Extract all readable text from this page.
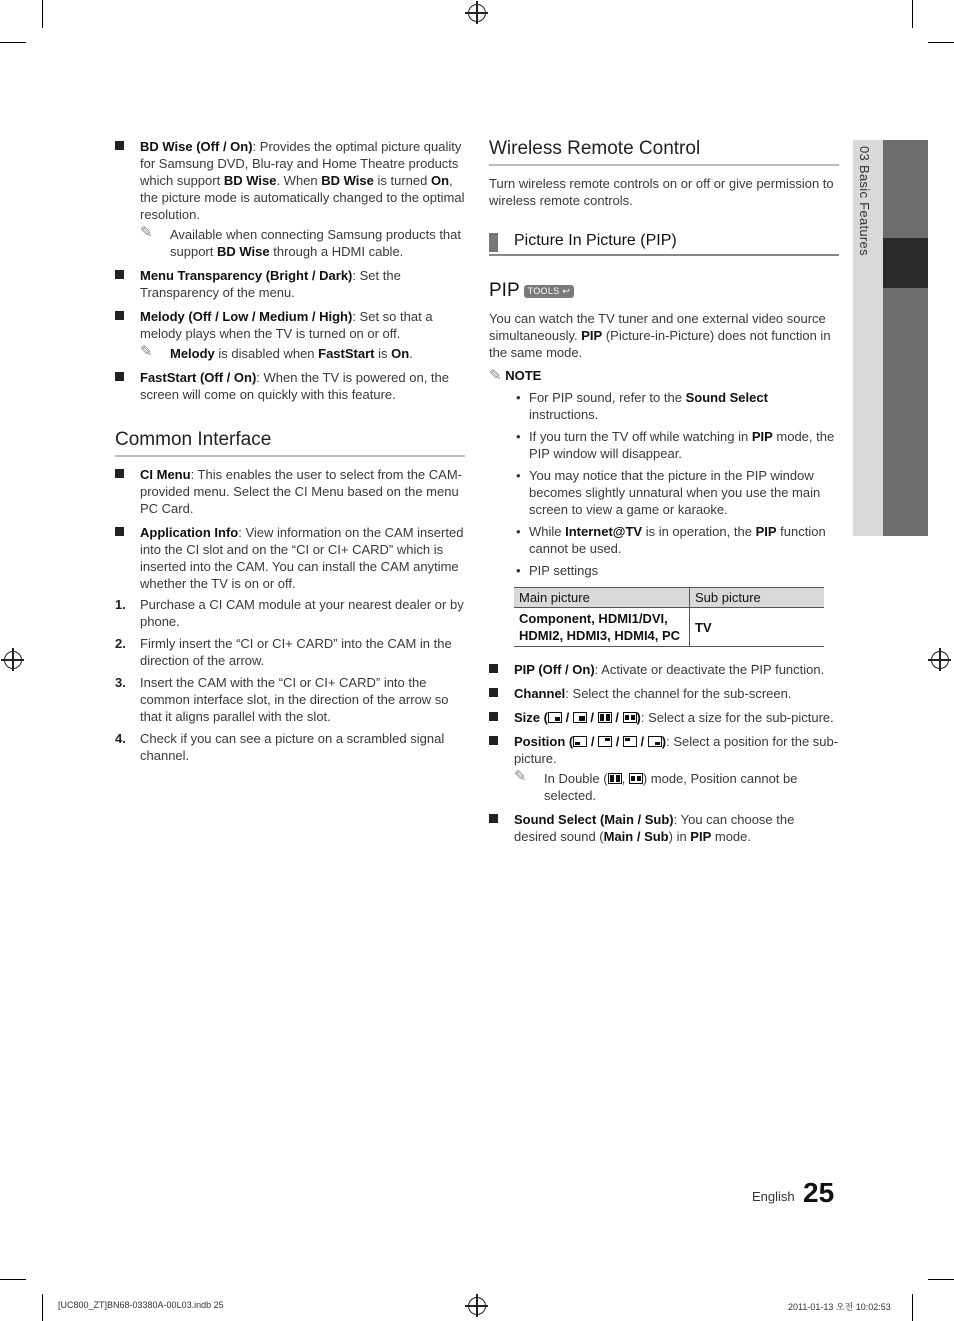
03 Basic Features
BD Wise (Off / On): Provides the optimal picture quality for Samsung DVD, Blu-ray and Home Theatre products which support BD Wise. When BD Wise is turned On, the picture mode is automatically changed to the optimal resolution.
✎ Available when connecting Samsung products that support BD Wise through a HDMI cable.
Menu Transparency (Bright / Dark): Set the Transparency of the menu.
Melody (Off / Low / Medium / High): Set so that a melody plays when the TV is turned on or off.
✎ Melody is disabled when FastStart is On.
FastStart (Off / On): When the TV is powered on, the screen will come on quickly with this feature.
Common Interface
CI Menu: This enables the user to select from the CAM-provided menu. Select the CI Menu based on the menu PC Card.
Application Info: View information on the CAM inserted into the CI slot and on the “CI or CI+ CARD” which is inserted into the CAM. You can install the CAM anytime whether the TV is on or off.
1. Purchase a CI CAM module at your nearest dealer or by phone.
2. Firmly insert the “CI or CI+ CARD” into the CAM in the direction of the arrow.
3. Insert the CAM with the “CI or CI+ CARD” into the common interface slot, in the direction of the arrow so that it aligns parallel with the slot.
4. Check if you can see a picture on a scrambled signal channel.
Wireless Remote Control
Turn wireless remote controls on or off or give permission to wireless remote controls.
Picture In Picture (PIP)
PIP TOOLS ↩
You can watch the TV tuner and one external video source simultaneously. PIP (Picture-in-Picture) does not function in the same mode.
✎ NOTE
• For PIP sound, refer to the Sound Select instructions.
• If you turn the TV off while watching in PIP mode, the PIP window will disappear.
• You may notice that the picture in the PIP window becomes slightly unnatural when you use the main screen to view a game or karaoke.
• While Internet@TV is in operation, the PIP function cannot be used.
• PIP settings
Main picture	Sub picture
Component, HDMI1/DVI, HDMI2, HDMI3, HDMI4, PC	TV
PIP (Off / On): Activate or deactivate the PIP function.
Channel: Select the channel for the sub-screen.
Size (
/
/
/
): Select a size for the sub-picture.
Position (
/
/
/
): Select a position for the sub-picture.
✎ In Double ( ,
) mode, Position cannot be selected.
Sound Select (Main / Sub): You can choose the desired sound (Main / Sub) in PIP mode.
English 25
[UC800_ZT]BN68-03380A-00L03.indb 25	2011-01-13 오전 10:02:53
